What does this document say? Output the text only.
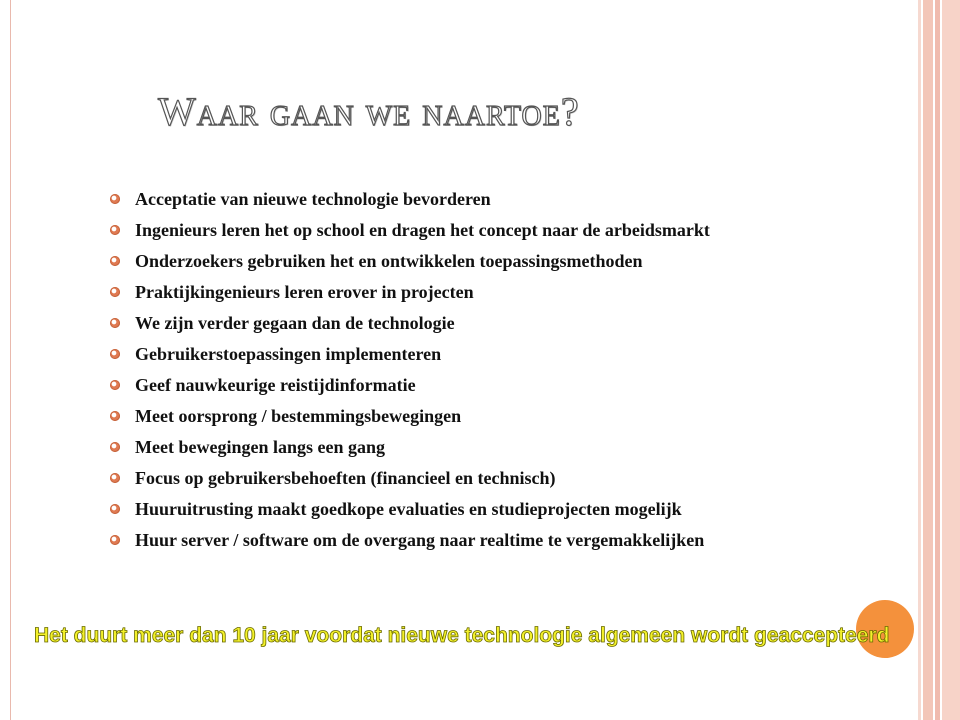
Waar gaan we naartoe?
Acceptatie van nieuwe technologie bevorderen
Ingenieurs leren het op school en dragen het concept naar de arbeidsmarkt
Onderzoekers gebruiken het en ontwikkelen toepassingsmethoden
Praktijkingenieurs leren erover in projecten
We zijn verder gegaan dan de technologie
Gebruikerstoepassingen implementeren
Geef nauwkeurige reistijdinformatie
Meet oorsprong / bestemmingsbewegingen
Meet bewegingen langs een gang
Focus op gebruikersbehoeften (financieel en technisch)
Huuruitrusting maakt goedkope evaluaties en studieprojecten mogelijk
Huur server / software om de overgang naar realtime te vergemakkelijken
Het duurt meer dan 10 jaar voordat nieuwe technologie algemeen wordt geaccepteerd
